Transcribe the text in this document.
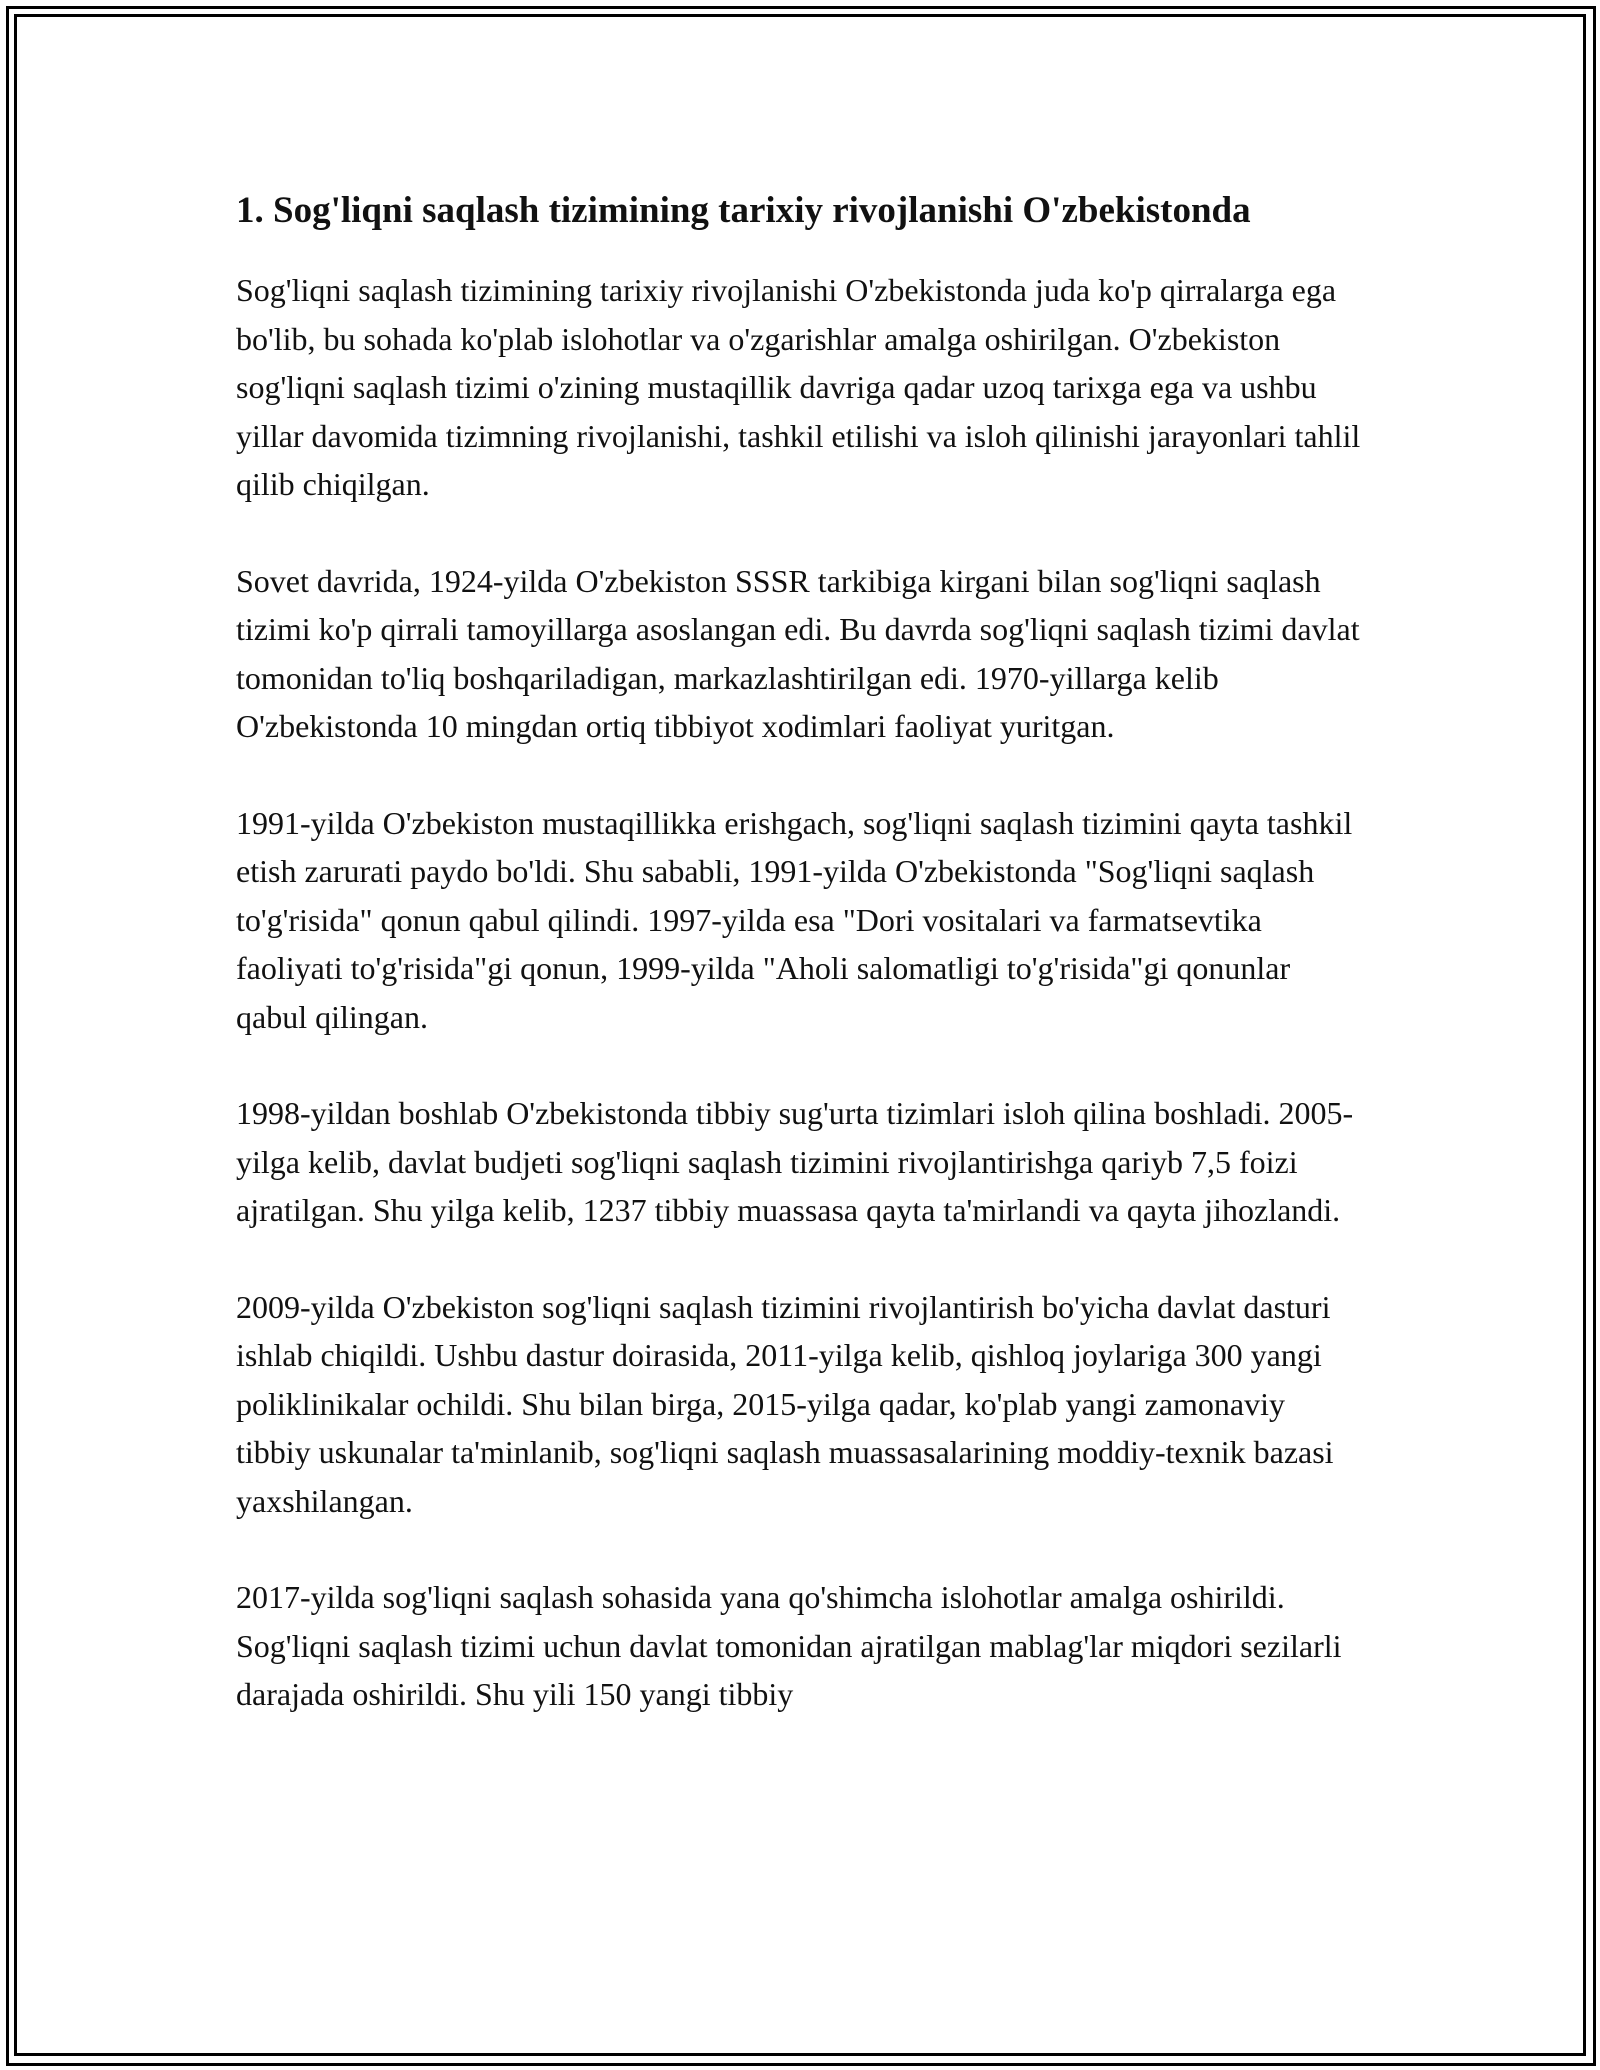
1. Sog'liqni saqlash tizimining tarixiy rivojlanishi O'zbekistonda

Sog'liqni saqlash tizimining tarixiy rivojlanishi O'zbekistonda juda ko'p qirralarga ega bo'lib, bu sohada ko'plab islohotlar va o'zgarishlar amalga oshirilgan. O'zbekiston sog'liqni saqlash tizimi o'zining mustaqillik davriga qadar uzoq tarixga ega va ushbu yillar davomida tizimning rivojlanishi, tashkil etilishi va isloh qilinishi jarayonlari tahlil qilib chiqilgan.

Sovet davrida, 1924-yilda O'zbekiston SSSR tarkibiga kirgani bilan sog'liqni saqlash tizimi ko'p qirrali tamoyillarga asoslangan edi. Bu davrda sog'liqni saqlash tizimi davlat tomonidan to'liq boshqariladigan, markazlashtirilgan edi. 1970-yillarga kelib O'zbekistonda 10 mingdan ortiq tibbiyot xodimlari faoliyat yuritgan.

1991-yilda O'zbekiston mustaqillikka erishgach, sog'liqni saqlash tizimini qayta tashkil etish zarurati paydo bo'ldi. Shu sababli, 1991-yilda O'zbekistonda "Sog'liqni saqlash to'g'risida" qonun qabul qilindi. 1997-yilda esa "Dori vositalari va farmatsevtika faoliyati to'g'risida"gi qonun, 1999-yilda "Aholi salomatligi to'g'risida"gi qonunlar qabul qilingan.

1998-yildan boshlab O'zbekistonda tibbiy sug'urta tizimlari isloh qilina boshladi. 2005-yilga kelib, davlat budjeti sog'liqni saqlash tizimini rivojlantirishga qariyb 7,5 foizi ajratilgan. Shu yilga kelib, 1237 tibbiy muassasa qayta ta'mirlandi va qayta jihozlandi.

2009-yilda O'zbekiston sog'liqni saqlash tizimini rivojlantirish bo'yicha davlat dasturi ishlab chiqildi. Ushbu dastur doirasida, 2011-yilga kelib, qishloq joylariga 300 yangi poliklinikalar ochildi. Shu bilan birga, 2015-yilga qadar, ko'plab yangi zamonaviy tibbiy uskunalar ta'minlanib, sog'liqni saqlash muassasalarining moddiy-texnik bazasi yaxshilangan.

2017-yilda sog'liqni saqlash sohasida yana qo'shimcha islohotlar amalga oshirildi. Sog'liqni saqlash tizimi uchun davlat tomonidan ajratilgan mablag'lar miqdori sezilarli darajada oshirildi. Shu yili 150 yangi tibbiy
